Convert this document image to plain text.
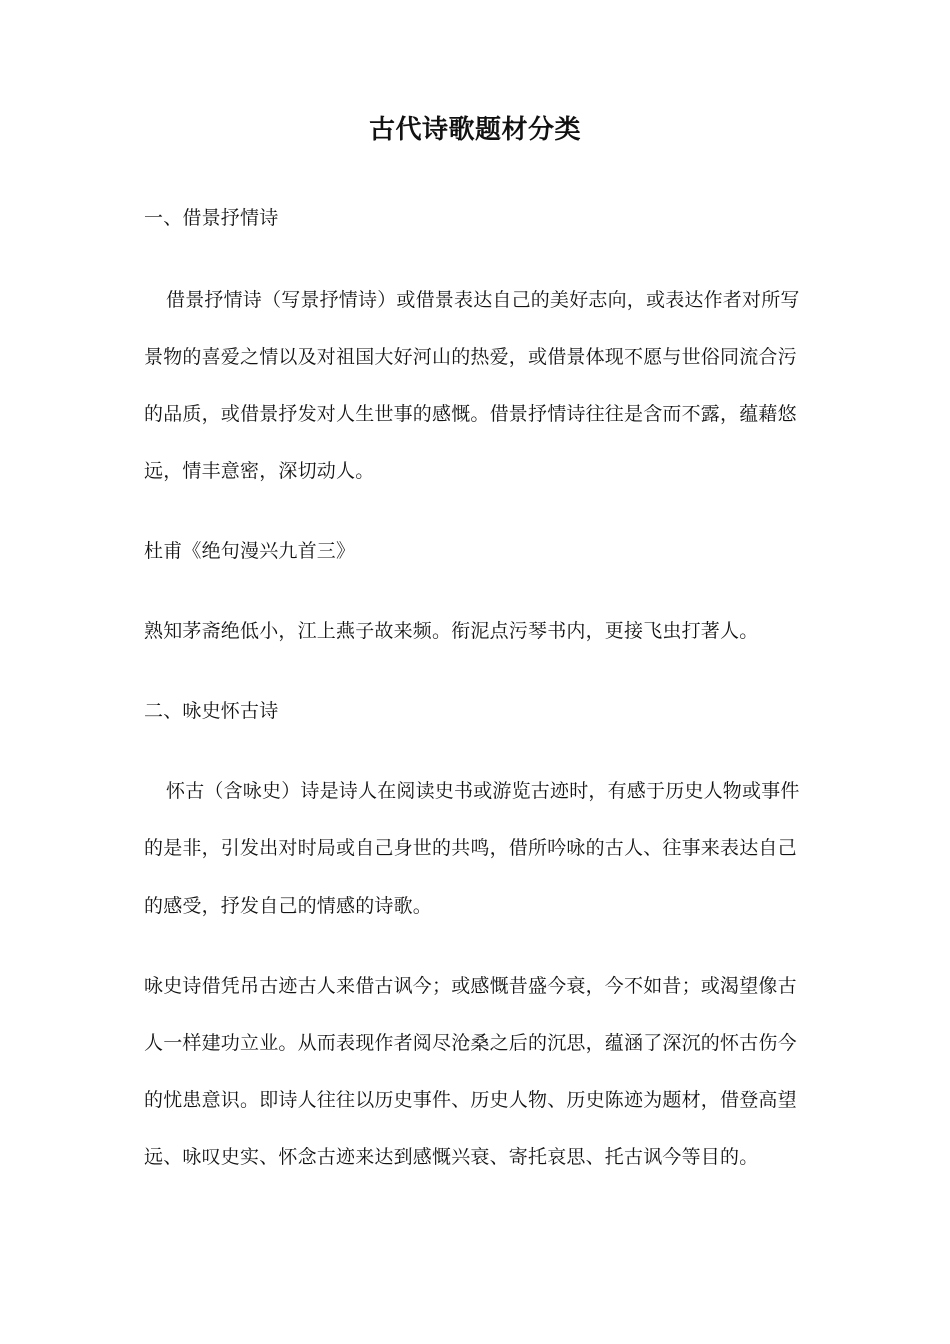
古代诗歌题材分类
一、借景抒情诗
借景抒情诗（写景抒情诗）或借景表达自己的美好志向，或表达作者对所写
景物的喜爱之情以及对祖国大好河山的热爱，或借景体现不愿与世俗同流合污
的品质，或借景抒发对人生世事的感慨。借景抒情诗往往是含而不露，蕴藉悠
远，情丰意密，深切动人。
杜甫《绝句漫兴九首三》
熟知茅斋绝低小，江上燕子故来频。衔泥点污琴书内，更接飞虫打著人。
二、咏史怀古诗
怀古（含咏史）诗是诗人在阅读史书或游览古迹时，有感于历史人物或事件
的是非，引发出对时局或自己身世的共鸣，借所吟咏的古人、往事来表达自己
的感受，抒发自己的情感的诗歌。
咏史诗借凭吊古迹古人来借古讽今；或感慨昔盛今衰，今不如昔；或渴望像古
人一样建功立业。从而表现作者阅尽沧桑之后的沉思，蕴涵了深沉的怀古伤今
的忧患意识。即诗人往往以历史事件、历史人物、历史陈迹为题材，借登高望
远、咏叹史实、怀念古迹来达到感慨兴衰、寄托哀思、托古讽今等目的。
